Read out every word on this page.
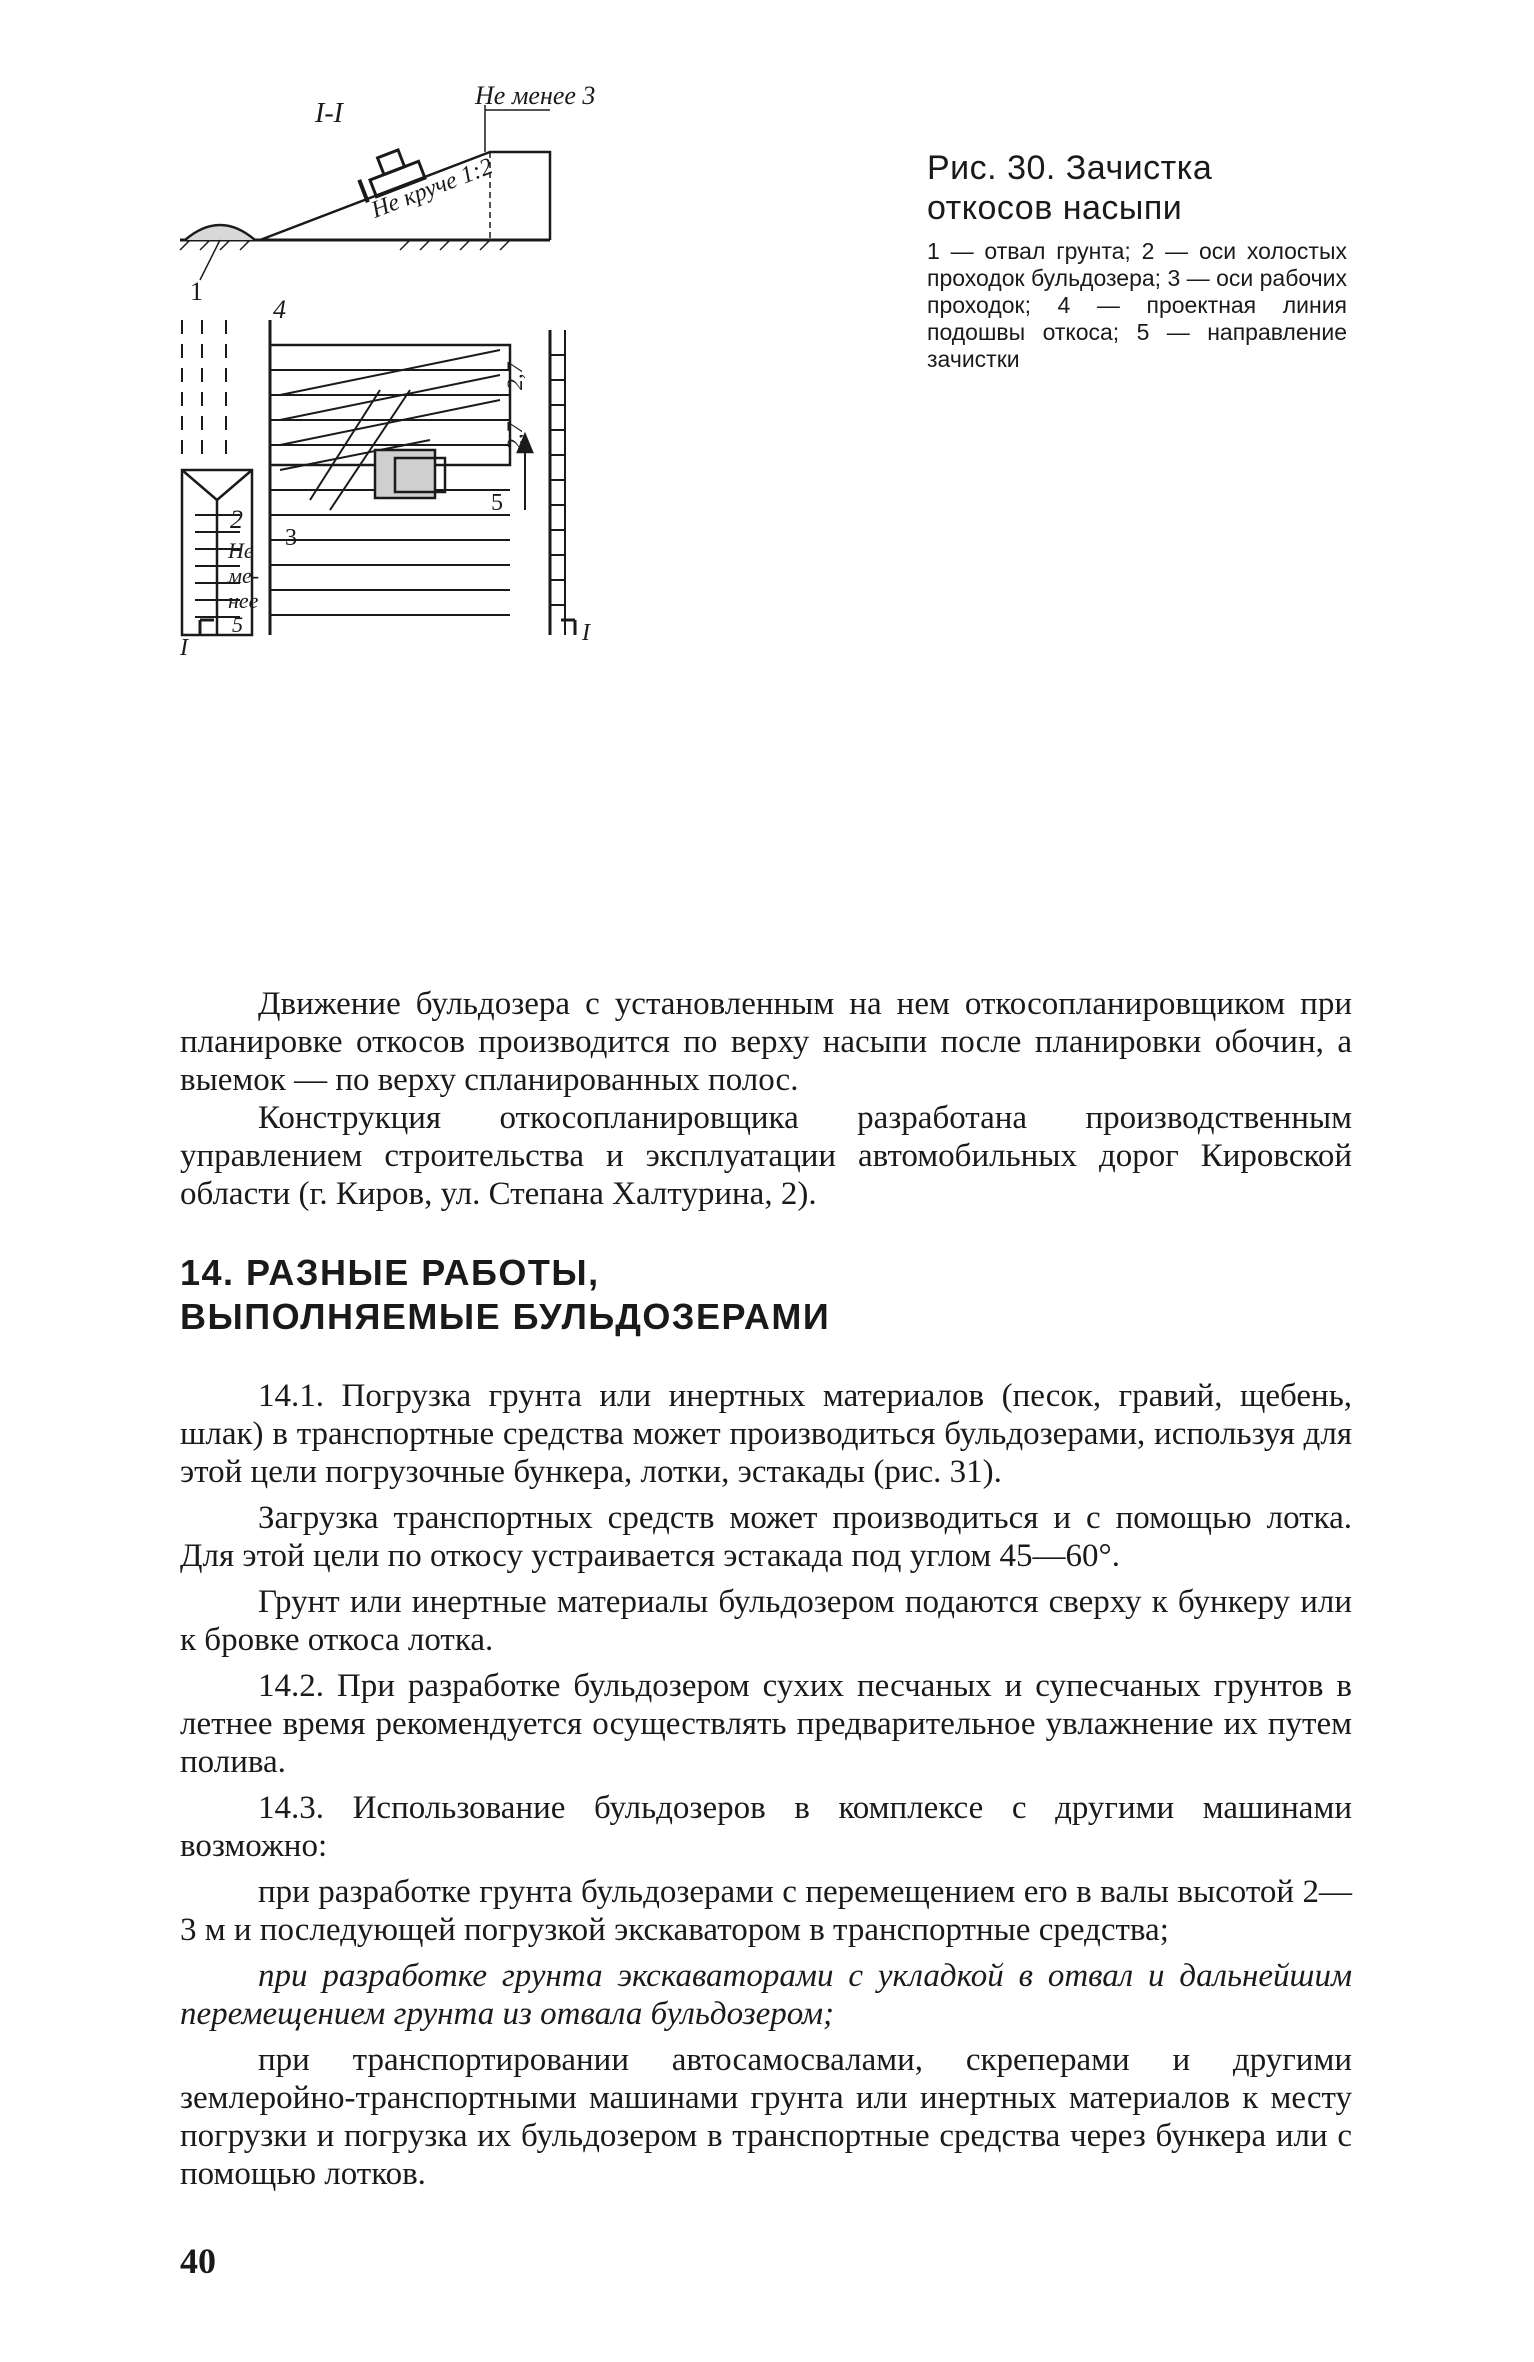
I-I
Не менее 3
Не круче 1:2
1
4
2
3
5
2,7
2,7
Не
ме-
нее
5
I
I
Рис. 30. Зачистка откосов насыпи
1 — отвал грунта; 2 — оси холостых проходок бульдозера; 3 — оси рабочих проходок; 4 — проектная линия подошвы откоса; 5 — направление зачистки

Движение бульдозера с установленным на нем откосопланировщиком при планировке откосов производится по верху насыпи после планировки обочин, а выемок — по верху спланированных полос.

Конструкция откосопланировщика разработана производственным управлением строительства и эксплуатации автомобильных дорог Кировской области (г. Киров, ул. Степана Халтурина, 2).

14. РАЗНЫЕ РАБОТЫ,
ВЫПОЛНЯЕМЫЕ БУЛЬДОЗЕРАМИ

14.1. Погрузка грунта или инертных материалов (песок, гравий, щебень, шлак) в транспортные средства может производиться бульдозерами, используя для этой цели погрузочные бункера, лотки, эстакады (рис. 31).

Загрузка транспортных средств может производиться и с помощью лотка. Для этой цели по откосу устраивается эстакада под углом 45—60°.

Грунт или инертные материалы бульдозером подаются сверху к бункеру или к бровке откоса лотка.

14.2. При разработке бульдозером сухих песчаных и супесчаных грунтов в летнее время рекомендуется осуществлять предварительное увлажнение их путем полива.

14.3. Использование бульдозеров в комплексе с другими машинами возможно:

при разработке грунта бульдозерами с перемещением его в валы высотой 2—3 м и последующей погрузкой экскаватором в транспортные средства;

при разработке грунта экскаваторами с укладкой в отвал и дальнейшим перемещением грунта из отвала бульдозером;

при транспортировании автосамосвалами, скреперами и другими землеройно-транспортными машинами грунта или инертных материалов к месту погрузки и погрузка их бульдозером в транспортные средства через бункера или с помощью лотков.

40
